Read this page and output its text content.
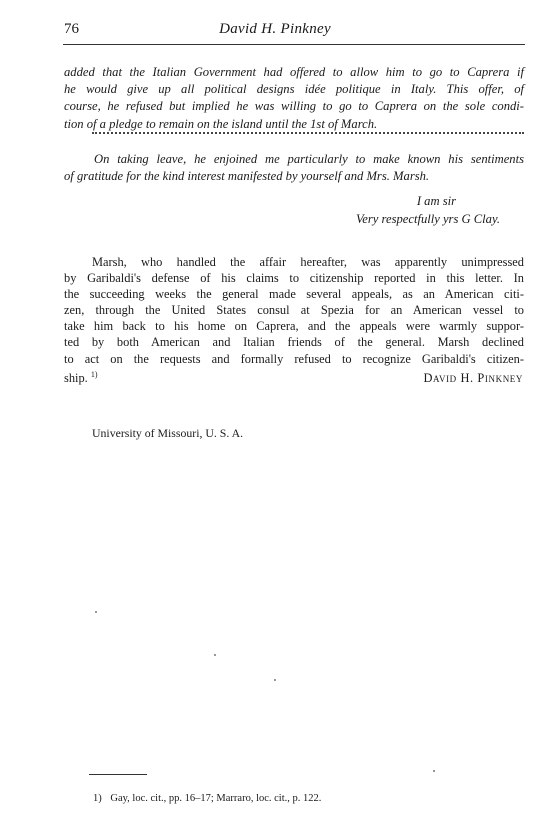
76	David H. Pinkney
added that the Italian Government had offered to allow him to go to Caprera if
he would give up all political designs idée politique in Italy. This offer, of
course, he refused but implied he was willing to go to Caprera on the sole condi-
tion of a pledge to remain on the island until the 1st of March.
On taking leave, he enjoined me particularly to make known his sentiments
of gratitude for the kind interest manifested by yourself and Mrs. Marsh.
I am sir
Very respectfully yrs G Clay.
Marsh, who handled the affair hereafter, was apparently unimpressed
by Garibaldi's defense of his claims to citizenship reported in this letter. In
the succeeding weeks the general made several appeals, as an American citi-
zen, through the United States consul at Spezia for an American vessel to
take him back to his home on Caprera, and the appeals were warmly suppor-
ted by both American and Italian friends of the general. Marsh declined
to act on the requests and formally refused to recognize Garibaldi's citizen-
ship. $^{1)}$	David H. Pinkney
University of Missouri, U. S. A.
1) Gay, loc. cit., pp. 16–17; Marraro, loc. cit., p. 122.
